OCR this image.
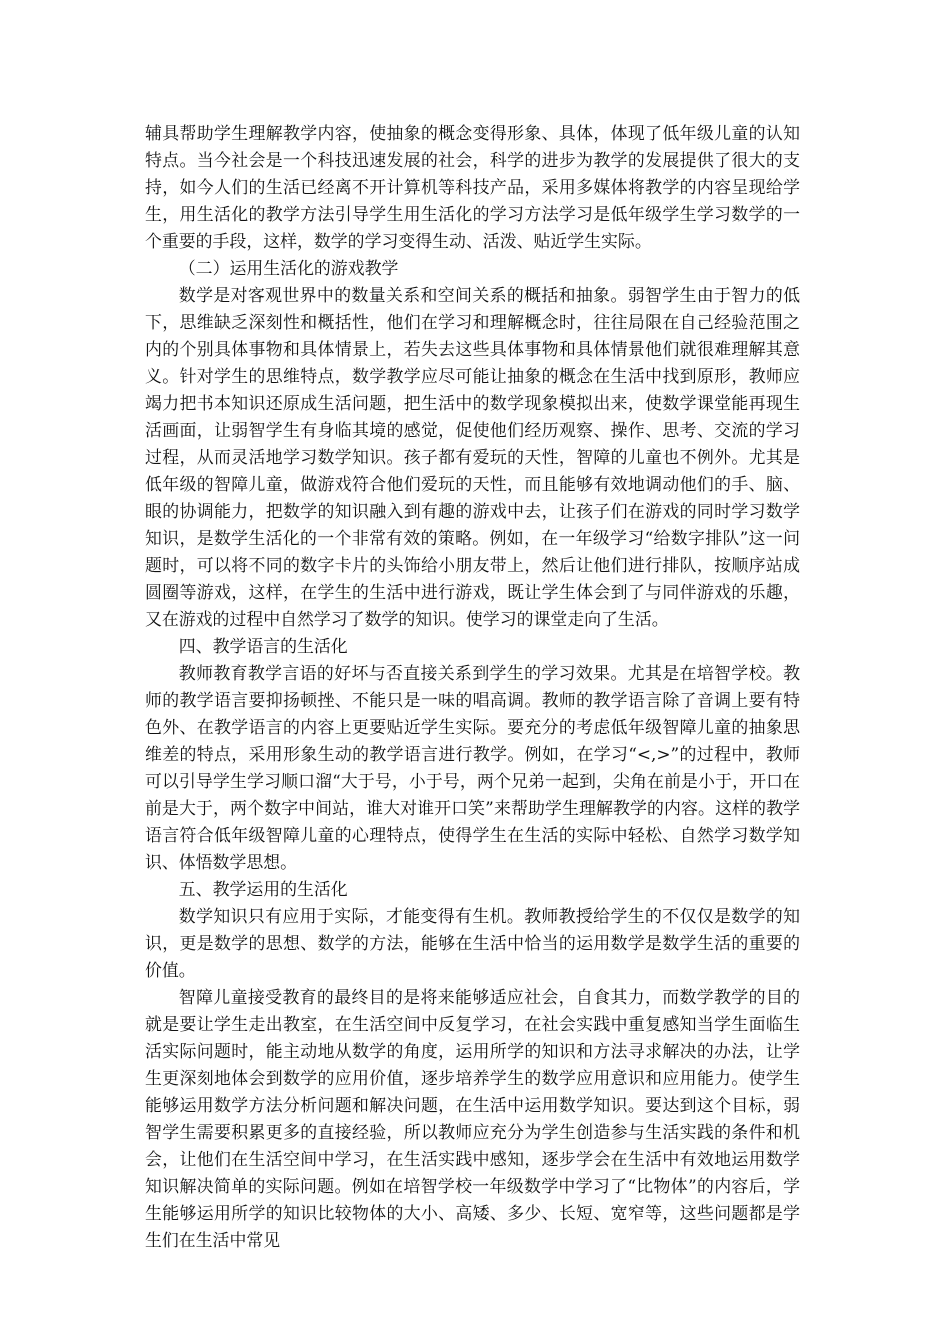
辅具帮助学生理解教学内容，使抽象的概念变得形象、具体，体现了低年级儿童的认知特点。当今社会是一个科技迅速发展的社会，科学的进步为教学的发展提供了很大的支持，如今人们的生活已经离不开计算机等科技产品，采用多媒体将教学的内容呈现给学生，用生活化的教学方法引导学生用生活化的学习方法学习是低年级学生学习数学的一个重要的手段，这样，数学的学习变得生动、活泼、贴近学生实际。

（二）运用生活化的游戏教学

数学是对客观世界中的数量关系和空间关系的概括和抽象。弱智学生由于智力的低下，思维缺乏深刻性和概括性，他们在学习和理解概念时，往往局限在自己经验范围之内的个别具体事物和具体情景上，若失去这些具体事物和具体情景他们就很难理解其意义。针对学生的思维特点，数学教学应尽可能让抽象的概念在生活中找到原形，教师应竭力把书本知识还原成生活问题，把生活中的数学现象模拟出来，使数学课堂能再现生活画面，让弱智学生有身临其境的感觉，促使他们经历观察、操作、思考、交流的学习过程，从而灵活地学习数学知识。孩子都有爱玩的天性，智障的儿童也不例外。尤其是低年级的智障儿童，做游戏符合他们爱玩的天性，而且能够有效地调动他们的手、脑、眼的协调能力，把数学的知识融入到有趣的游戏中去，让孩子们在游戏的同时学习数学知识，是数学生活化的一个非常有效的策略。例如，在一年级学习“给数字排队”这一问题时，可以将不同的数字卡片的头饰给小朋友带上，然后让他们进行排队，按顺序站成圆圈等游戏，这样，在学生的生活中进行游戏，既让学生体会到了与同伴游戏的乐趣，又在游戏的过程中自然学习了数学的知识。使学习的课堂走向了生活。

四、教学语言的生活化

教师教育教学言语的好坏与否直接关系到学生的学习效果。尤其是在培智学校。教师的教学语言要抑扬顿挫、不能只是一味的唱高调。教师的教学语言除了音调上要有特色外、在教学语言的内容上更要贴近学生实际。要充分的考虑低年级智障儿童的抽象思维差的特点，采用形象生动的教学语言进行教学。例如，在学习“<,>”的过程中，教师可以引导学生学习顺口溜“大于号，小于号，两个兄弟一起到，尖角在前是小于，开口在前是大于，两个数字中间站，谁大对谁开口笑”来帮助学生理解教学的内容。这样的教学语言符合低年级智障儿童的心理特点，使得学生在生活的实际中轻松、自然学习数学知识、体悟数学思想。

五、教学运用的生活化

数学知识只有应用于实际，才能变得有生机。教师教授给学生的不仅仅是数学的知识，更是数学的思想、数学的方法，能够在生活中恰当的运用数学是数学生活的重要的价值。

智障儿童接受教育的最终目的是将来能够适应社会，自食其力，而数学教学的目的就是要让学生走出教室，在生活空间中反复学习，在社会实践中重复感知当学生面临生活实际问题时，能主动地从数学的角度，运用所学的知识和方法寻求解决的办法，让学生更深刻地体会到数学的应用价值，逐步培养学生的数学应用意识和应用能力。使学生能够运用数学方法分析问题和解决问题，在生活中运用数学知识。要达到这个目标，弱智学生需要积累更多的直接经验，所以教师应充分为学生创造参与生活实践的条件和机会，让他们在生活空间中学习，在生活实践中感知，逐步学会在生活中有效地运用数学知识解决简单的实际问题。例如在培智学校一年级数学中学习了“比物体”的内容后，学生能够运用所学的知识比较物体的大小、高矮、多少、长短、宽窄等，这些问题都是学生们在生活中常见
